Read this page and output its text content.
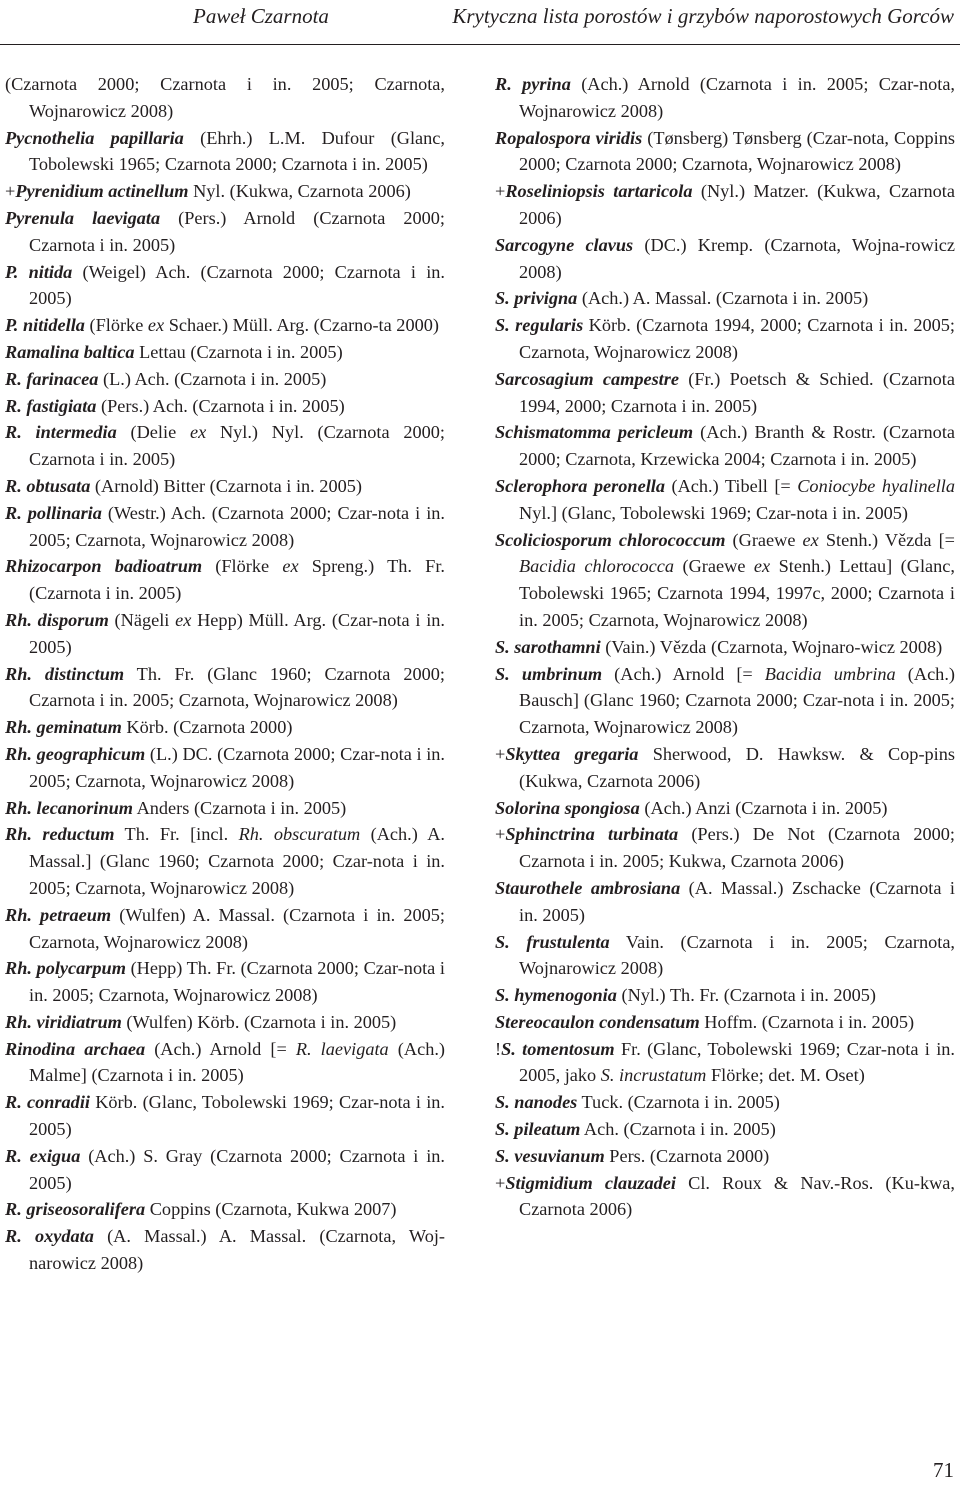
Paweł Czarnota	Krytyczna lista porostów i grzybów naporostowych Gorców

(Czarnota 2000; Czarnota i in. 2005; Czarnota, Wojnarowicz 2008)

Pycnothelia papillaria (Ehrh.) L.M. Dufour (Glanc, Tobolewski 1965; Czarnota 2000; Czarnota i in. 2005)

+Pyrenidium actinellum Nyl. (Kukwa, Czarnota 2006)

Pyrenula laevigata (Pers.) Arnold (Czarnota 2000; Czarnota i in. 2005)

P. nitida (Weigel) Ach. (Czarnota 2000; Czarnota i in. 2005)

P. nitidella (Flörke ex Schaer.) Müll. Arg. (Czarno-ta 2000)

Ramalina baltica Lettau (Czarnota i in. 2005)

R. farinacea (L.) Ach. (Czarnota i in. 2005)

R. fastigiata (Pers.) Ach. (Czarnota i in. 2005)

R. intermedia (Delie ex Nyl.) Nyl. (Czarnota 2000; Czarnota i in. 2005)

R. obtusata (Arnold) Bitter (Czarnota i in. 2005)

R. pollinaria (Westr.) Ach. (Czarnota 2000; Czar-nota i in. 2005; Czarnota, Wojnarowicz 2008)

Rhizocarpon badioatrum (Flörke ex Spreng.) Th. Fr. (Czarnota i in. 2005)

Rh. disporum (Nägeli ex Hepp) Müll. Arg. (Czar-nota i in. 2005)

Rh. distinctum Th. Fr. (Glanc 1960; Czarnota 2000; Czarnota i in. 2005; Czarnota, Wojnarowicz 2008)

Rh. geminatum Körb. (Czarnota 2000)

Rh. geographicum (L.) DC. (Czarnota 2000; Czar-nota i in. 2005; Czarnota, Wojnarowicz 2008)

Rh. lecanorinum Anders (Czarnota i in. 2005)

Rh. reductum Th. Fr. [incl. Rh. obscuratum (Ach.) A. Massal.] (Glanc 1960; Czarnota 2000; Czar-nota i in. 2005; Czarnota, Wojnarowicz 2008)

Rh. petraeum (Wulfen) A. Massal. (Czarnota i in. 2005; Czarnota, Wojnarowicz 2008)

Rh. polycarpum (Hepp) Th. Fr. (Czarnota 2000; Czar-nota i in. 2005; Czarnota, Wojnarowicz 2008)

Rh. viridiatrum (Wulfen) Körb. (Czarnota i in. 2005)

Rinodina archaea (Ach.) Arnold [= R. laevigata (Ach.) Malme] (Czarnota i in. 2005)

R. conradii Körb. (Glanc, Tobolewski 1969; Czar-nota i in. 2005)

R. exigua (Ach.) S. Gray (Czarnota 2000; Czarnota i in. 2005)

R. griseosoralifera Coppins (Czarnota, Kukwa 2007)

R. oxydata (A. Massal.) A. Massal. (Czarnota, Woj-narowicz 2008)

R. pyrina (Ach.) Arnold (Czarnota i in. 2005; Czar-nota, Wojnarowicz 2008)

Ropalospora viridis (Tønsberg) Tønsberg (Czar-nota, Coppins 2000; Czarnota 2000; Czarnota, Wojnarowicz 2008)

+Roseliniopsis tartaricola (Nyl.) Matzer. (Kukwa, Czarnota 2006)

Sarcogyne clavus (DC.) Kremp. (Czarnota, Wojna-rowicz 2008)

S. privigna (Ach.) A. Massal. (Czarnota i in. 2005)

S. regularis Körb. (Czarnota 1994, 2000; Czarnota i in. 2005; Czarnota, Wojnarowicz 2008)

Sarcosagium campestre (Fr.) Poetsch & Schied. (Czarnota 1994, 2000; Czarnota i in. 2005)

Schismatomma pericleum (Ach.) Branth & Rostr. (Czarnota 2000; Czarnota, Krzewicka 2004; Czarnota i in. 2005)

Sclerophora peronella (Ach.) Tibell [= Coniocybe hyalinella Nyl.] (Glanc, Tobolewski 1969; Czar-nota i in. 2005)

Scoliciosporum chlorococcum (Graewe ex Stenh.) Vězda [= Bacidia chlorococca (Graewe ex Stenh.) Lettau] (Glanc, Tobolewski 1965; Czarnota 1994, 1997c, 2000; Czarnota i in. 2005; Czarnota, Wojnarowicz 2008)

S. sarothamni (Vain.) Vězda (Czarnota, Wojnaro-wicz 2008)

S. umbrinum (Ach.) Arnold [= Bacidia umbrina (Ach.) Bausch] (Glanc 1960; Czarnota 2000; Czar-nota i in. 2005; Czarnota, Wojnarowicz 2008)

+Skyttea gregaria Sherwood, D. Hawksw. & Cop-pins (Kukwa, Czarnota 2006)

Solorina spongiosa (Ach.) Anzi (Czarnota i in. 2005)

+Sphinctrina turbinata (Pers.) De Not (Czarnota 2000; Czarnota i in. 2005; Kukwa, Czarnota 2006)

Staurothele ambrosiana (A. Massal.) Zschacke (Czarnota i in. 2005)

S. frustulenta Vain. (Czarnota i in. 2005; Czarnota, Wojnarowicz 2008)

S. hymenogonia (Nyl.) Th. Fr. (Czarnota i in. 2005)

Stereocaulon condensatum Hoffm. (Czarnota i in. 2005)

!S. tomentosum Fr. (Glanc, Tobolewski 1969; Czar-nota i in. 2005, jako S. incrustatum Flörke; det. M. Oset)

S. nanodes Tuck. (Czarnota i in. 2005)

S. pileatum Ach. (Czarnota i in. 2005)

S. vesuvianum Pers. (Czarnota 2000)

+Stigmidium clauzadei Cl. Roux & Nav.-Ros. (Ku-kwa, Czarnota 2006)

71
